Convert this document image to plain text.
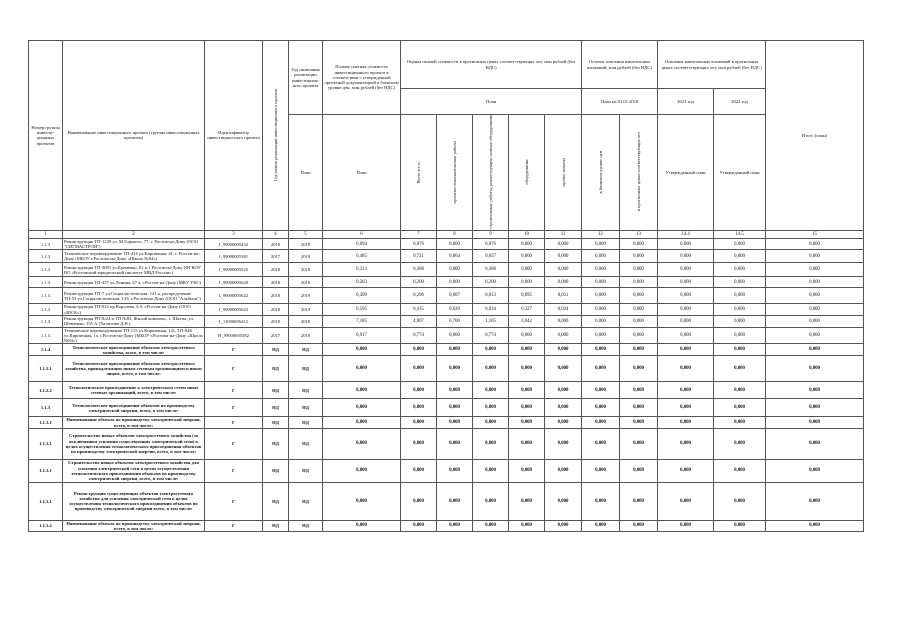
Номер группы инвести-ционных проектов	Наименование инвестиционного проекта (группы инвестиционных проектов)	Идентификатор инвестицион-ного проекта	Год начала реализации инвестиционного проекта	Год окончания реализации инвестицион-ного проекта	Полная сметная стоимость инвестиционного проекта в соответствии с утвержденной проектной документацией в базисном уровне цен, млн рублей (без НДС)	Оценка полной стоимости в прогнозных ценах соответствующих лет, млн рублей (без НДС)					Остаток освоения капитальных вложений, млн рублей (без НДС)		Освоение капитальных вложений в прогнозных ценах соответствующих лет, млн рублей (без НДС)		Итого (план)
						План					План на 01.01.2018		2021 год	2022 год	
				План	План	Всего в т.ч.:	проектно-изыскательские работы	строительные работы, реконструкция, монтаж оборудования	оборудование	прочие затраты	в базисном уровне цен	в прогнозных ценах соответствующих лет	Утвержденный план	Утвержденный план	
1	2	3	4	5	6	7	8	9	10	11	12	13	14.4	14.5	15
1.1.3	Реконструкция ТП-1239 ул. М.Горького, 77, г. Ростов-на-Дону (ООО "СИГМАСТРОЙ")	I_99000005432	2018	2018	0,694	0,876	0,000	0,876	0,000	0,000	0,000	0,000	0,000	0,000	0,000
1.1.3	Техническое перевооружение ТП-414 ул.Кирпичная, 41, г. Ростов-на-Дону (МБОУ г.Ростова-на-Дону «Школь №84»)	I_99000005381	2017	2018	0,485	0,721	0,064	0,657	0,000	0,000	0,000	0,000	0,000	0,000	0,000
1.1.3	Реконструкция ТП-3091 ул.Еременко, 81 к.1 Ростов-на-Дону (ФГКОУ ВО «Ростовский юридический институт МВД России»)	I_99000005525	2018	2018	0,313	0,308	0,000	0,308	0,000	0,000	0,000	0,000	0,000	0,000	0,000
1.1.3	Реконструкция ТП-457 ул.Ленина, 67 а, г.Ростов-на-Дону (МКУ УКС)	I_99000005620	2018	2018	0,203	0,200	0,000	0,200	0,000	0,000	0,000	0,000	0,000	0,000	0,000
1.1.3	Реконструкция ТП-7 ул.Социалистическая, 141 к, распределение ТП-53 ул.Социалистическая, 133, г.Ростов-на-Дону (ООО "Альбион")	I_99000005622	2018	2019	0,309	0,296	0,087	0,013	0,095	0,011	0,000	0,000	0,000	0,000	0,000
1.1.3	Реконструкция ТП-922 пр.Королева, 6 б, г.Ростов-на-Дону (ООО «ЮСК»)	I_99000005623	2018	2019	0,595	0,415	0,020	0,034	0,327	0,034	0,000	0,000	0,000	0,000	0,000
1.1.3	Реконструкция РП №24 и ТП №83, Жилой комплекс, г. Шахты, ул. Шевченко, 155 А (Халилова Д.Н.)	I_11000005412	2018	2018	7,185	4,907	0,700	1,165	3,042	0,000	0,000	0,000	0,000	0,000	0,000
1.1.3	Техническое перевооружение ТП-115 ул.Кирпичная, 141, ТП-846 ул.Кирпичная, 1а, г.Ростов-на-Дону (МБОУ г.Ростова-на-Дону «Школа №84»)	H_99000005382	2017	2018	0,917	0,774	0,000	0,774	0,000	0,000	0,000	0,000	0,000	0,000	0,000
1.1.4	Технологическое присоединение объектов электросетевого хозяйства, всего, в том числе:	Г	НД	НД	0,000	0,000	0,000	0,000	0,000	0,000	0,000	0,000	0,000	0,000	0,000
1.1.2.1	Технологическое присоединение объектов электросетевого хозяйства, принадлежащих иным сетевым организациям и иным лицам, всего, в том числе:	Г	НД	НД	0,000	0,000	0,000	0,000	0,000	0,000	0,000	0,000	0,000	0,000	0,000
1.1.2.2	Технологическое присоединение к электрическим сетям иных сетевых организаций, всего, в том числе:	Г	НД	НД	0,000	0,000	0,000	0,000	0,000	0,000	0,000	0,000	0,000	0,000	0,000
1.1.3	Технологическое присоединение объектов по производству электрической энергии, всего, в том числе:	Г	НД	НД	0,000	0,000	0,000	0,000	0,000	0,000	0,000	0,000	0,000	0,000	0,000
1.1.3.1	Наименование объекта по производству электрической энергии, всего, в том числе:	Г	НД	НД	0,000	0,000	0,000	0,000	0,000	0,000	0,000	0,000	0,000	0,000	0,000
1.1.3.1	Строительство новых объектов электросетевого хозяйства (за исключением усиления существующих электрической сети) в целях осуществления технологического присоединения объектов по производству электрической энергии, всего, в том числе:	Г	НД	НД	0,000	0,000	0,000	0,000	0,000	0,000	0,000	0,000	0,000	0,000	0,000
1.1.3.1	Строительство новых объектов электросетевого хозяйства для усиления электрической сети в целях осуществления технологического присоединения объектов по производству электрической энергии, всего, в том числе:	Г	НД	НД	0,000	0,000	0,000	0,000	0,000	0,000	0,000	0,000	0,000	0,000	0,000
1.1.3.1	Реконструкция существующих объектов электросетевого хозяйства для усиления электрической сети в целях осуществления технологического присоединения объектов по производству электрической энергии всего, в том числе:	Г	НД	НД	0,000	0,000	0,000	0,000	0,000	0,000	0,000	0,000	0,000	0,000	0,000
1.1.3.2	Наименование объекта по производству электрической энергии, всего, в том числе:	Г	НД	НД	0,000	0,000	0,000	0,000	0,000	0,000	0,000	0,000	0,000	0,000	0,000
